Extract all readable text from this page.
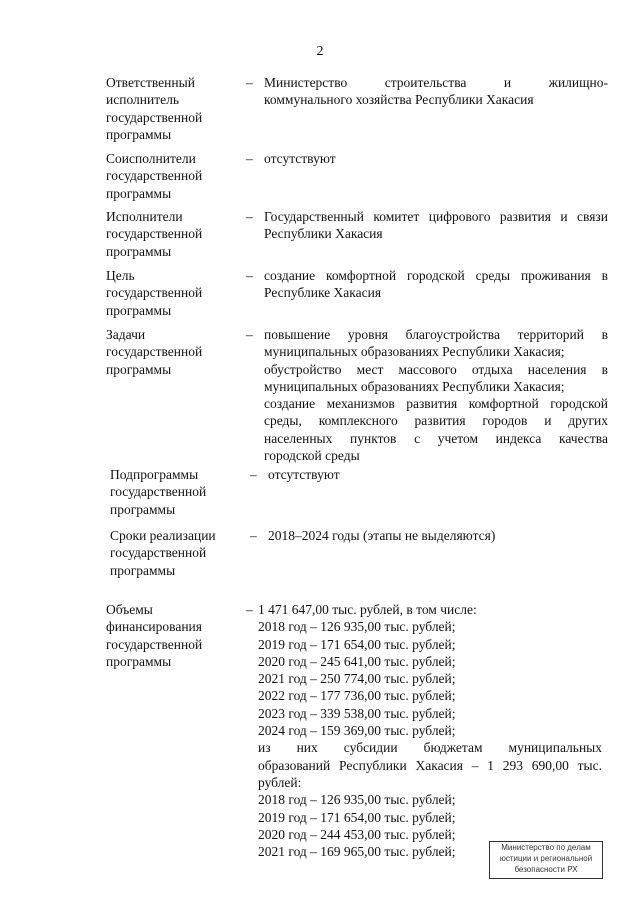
2
Ответственный
исполнитель
государственной
программы
– Министерство строительства и жилищно-

коммунального хозяйства Республики Хакасия

Соисполнители
государственной
программы
– отсутствуют

Исполнители
государственной
программы
– Государственный комитет цифрового развития и связи

Республики Хакасия

Цель
государственной
программы
– создание комфортной городской среды проживания в

Республике Хакасия

Задачи
государственной
программы
– повышение уровня благоустройства территорий в

муниципальных образованиях Республики Хакасия;

обустройство мест массового отдыха населения в

муниципальных образованиях Республики Хакасия;

создание механизмов развития комфортной городской

среды, комплексного развития городов и других

населенных пунктов с учетом индекса качества

городской среды

Подпрограммы
государственной
программы
– отсутствуют

Сроки реализации
государственной
программы
– 2018–2024 годы (этапы не выделяются)

Объемы
финансирования
государственной
программы
– 1 471 647,00 тыс. рублей, в том числе:

2018 год – 126 935,00 тыс. рублей;

2019 год – 171 654,00 тыс. рублей;

2020 год – 245 641,00 тыс. рублей;

2021 год – 250 774,00 тыс. рублей;

2022 год – 177 736,00 тыс. рублей;

2023 год – 339 538,00 тыс. рублей;

2024 год – 159 369,00 тыс. рублей;

из них субсидии бюджетам муниципальных

образований Республики Хакасия – 1 293 690,00 тыс.

рублей:

2018 год – 126 935,00 тыс. рублей;

2019 год – 171 654,00 тыс. рублей;

2020 год – 244 453,00 тыс. рублей;

2021 год – 169 965,00 тыс. рублей;	Министерство по делам
юстиции и региональной
безопасности РХ
